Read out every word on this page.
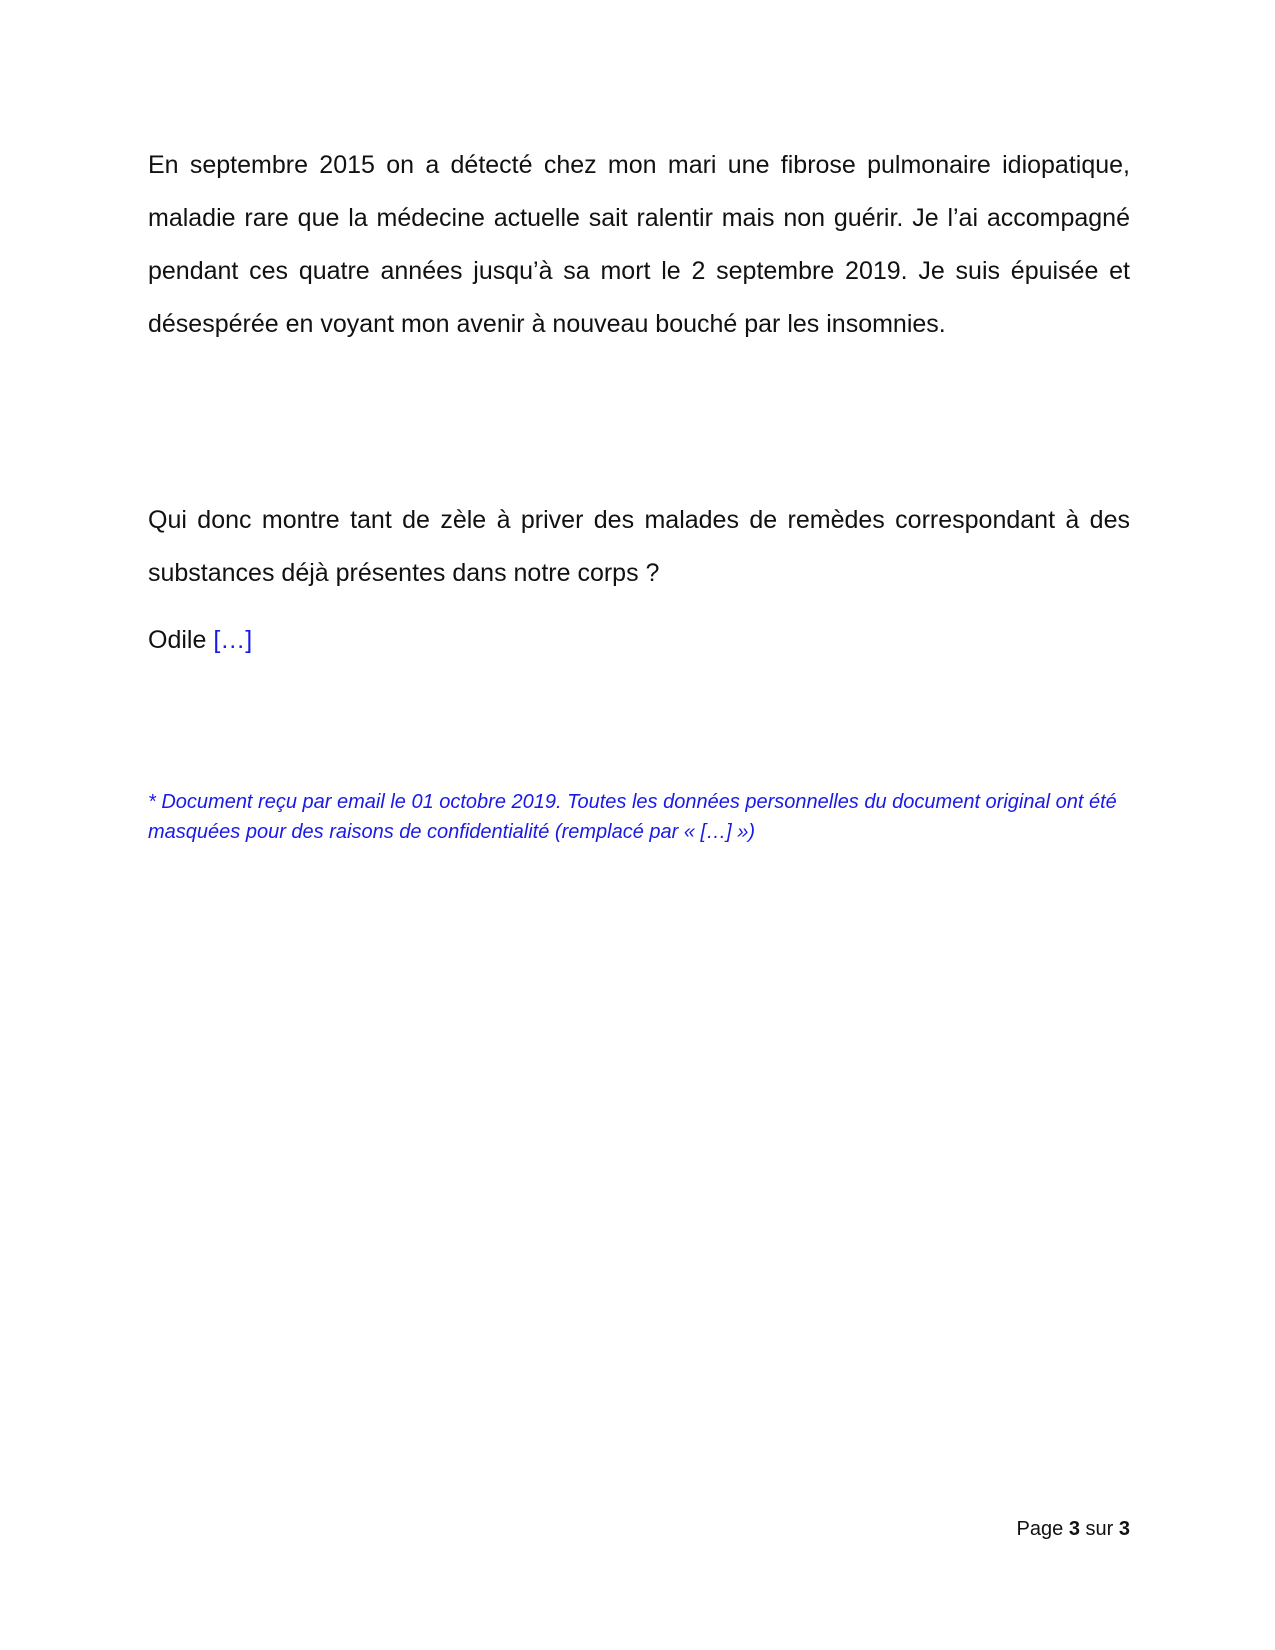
En septembre 2015 on a détecté chez mon mari une fibrose pulmonaire idiopatique, maladie rare que la médecine actuelle sait ralentir mais non guérir. Je l’ai accompagné pendant ces quatre années jusqu’à sa mort le 2 septembre 2019. Je suis épuisée et désespérée en voyant mon avenir à nouveau bouché par les insomnies.

Qui donc montre tant de zèle à priver des malades de remèdes correspondant à des substances déjà présentes dans notre corps ?

Odile […]

* Document reçu par email le 01 octobre 2019. Toutes les données personnelles du document original ont été masquées pour des raisons de confidentialité (remplacé par « […] »)

Page 3 sur 3
